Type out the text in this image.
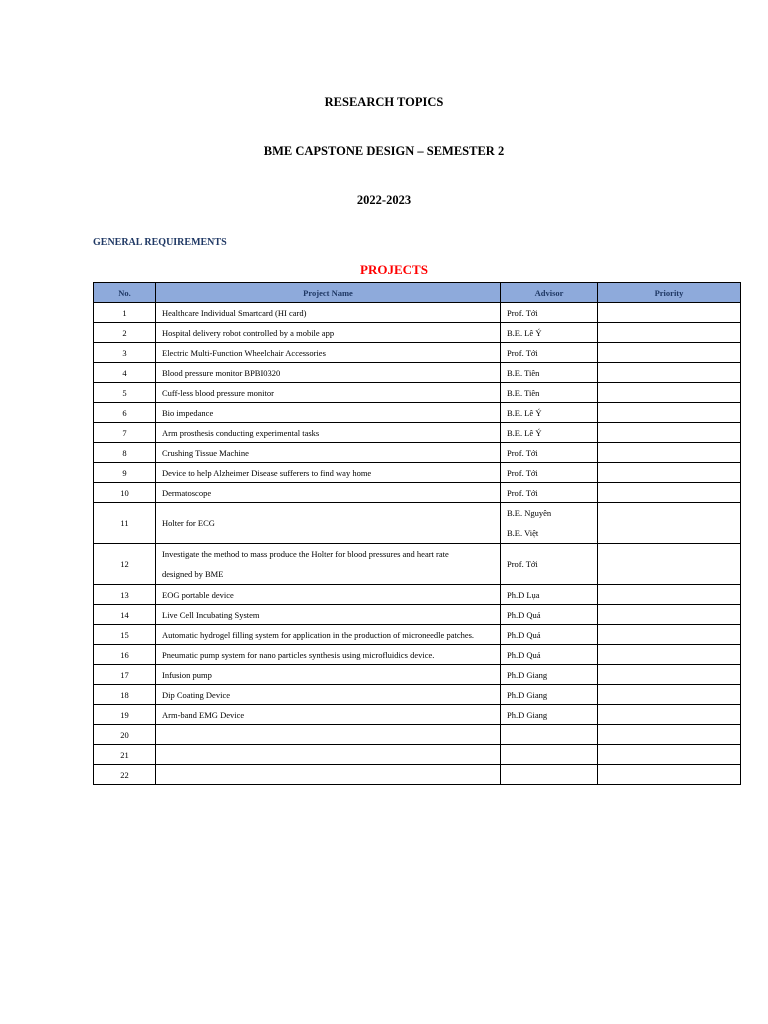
RESEARCH TOPICS
BME CAPSTONE DESIGN – SEMESTER 2
2022-2023
GENERAL REQUIREMENTS
PROJECTS
No.	Project Name	Advisor	Priority
1	Healthcare Individual Smartcard (HI card)	Prof. Tới	
2	Hospital delivery robot controlled by a mobile app	B.E. Lê Ý	
3	Electric Multi-Function Wheelchair Accessories	Prof. Tới	
4	Blood pressure monitor BPBI0320	B.E. Tiên	
5	Cuff-less blood pressure monitor	B.E. Tiên	
6	Bio impedance	B.E. Lê Ý	
7	Arm prosthesis conducting experimental tasks	B.E. Lê Ý	
8	Crushing Tissue Machine	Prof. Tới	
9	Device to help Alzheimer Disease sufferers to find way home	Prof. Tới	
10	Dermatoscope	Prof. Tới	
11	Holter for ECG	B.E. Nguyên
B.E. Việt	

12	Investigate the method to mass produce the Holter for blood pressures and heart rate
designed by BME	Prof. Tới	
13	EOG portable device	Ph.D Lụa	
14	Live Cell Incubating System	Ph.D Quả	
15	Automatic hydrogel filling system for application in the production of microneedle patches.	Ph.D Quả	
16	Pneumatic pump system for nano particles synthesis using microfluidics device.	Ph.D Quả	
17	Infusion pump	Ph.D Giang	
18	Dip Coating Device	Ph.D Giang	
19	Arm-band EMG Device	Ph.D Giang	
20			
21			
22			
